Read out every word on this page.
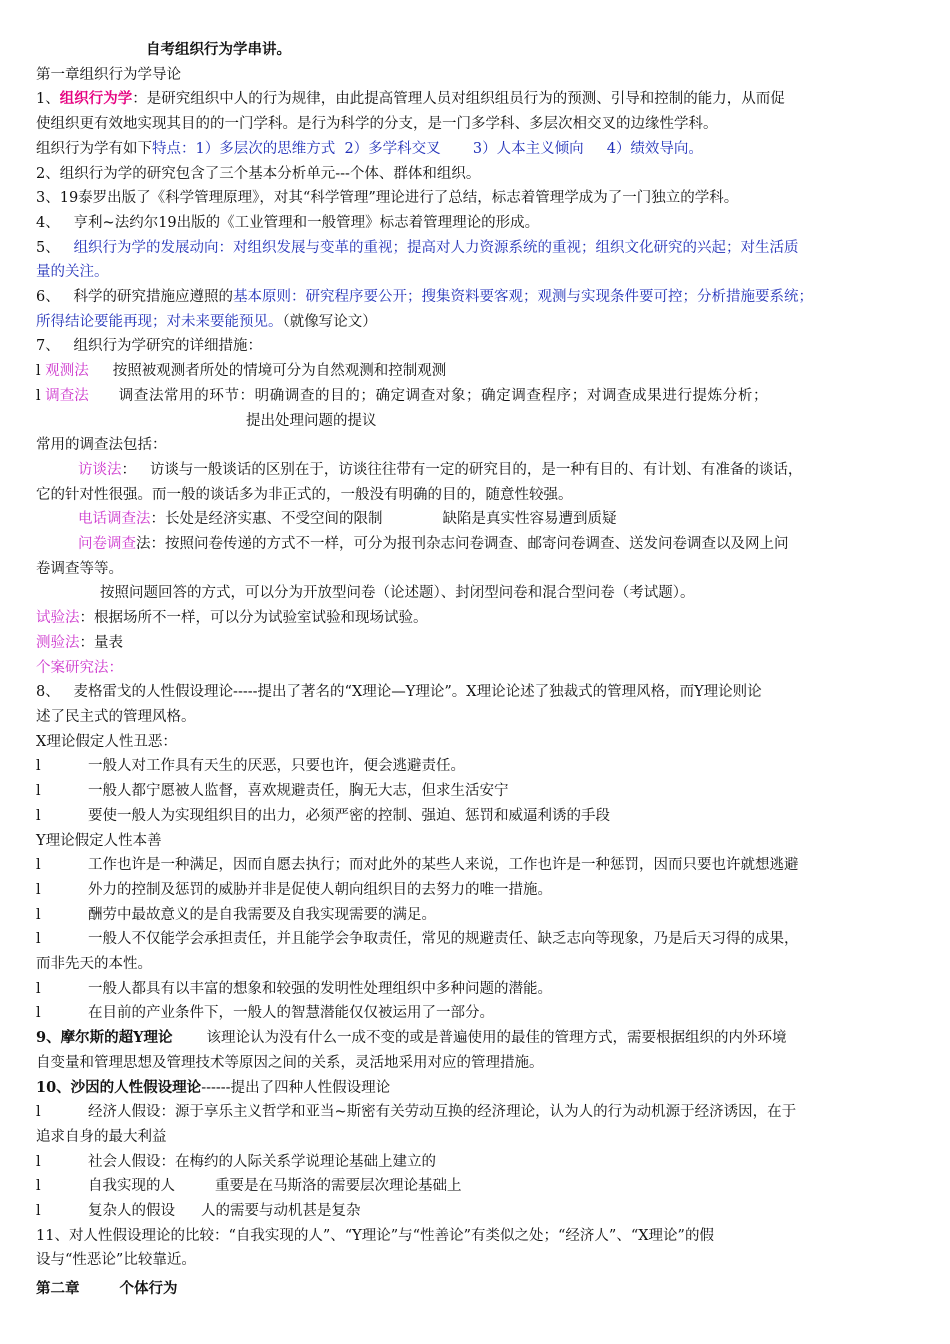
自考组织行为学串讲。
第一章组织行为学导论
1、组织行为学：是研究组织中人的行为规律，由此提高管理人员对组织组员行为的预测、引导和控制的能力，从而促
使组织更有效地实现其目的的一门学科。是行为科学的分支，是一门多学科、多层次相交叉的边缘性学科。
组织行为学有如下特点：1）多层次的思维方式  2）多学科交叉       3）人本主义倾向     4）绩效导向。
2、组织行为学的研究包含了三个基本分析单元---个体、群体和组织。
3、19泰罗出版了《科学管理原理》，对其“科学管理”理论进行了总结，标志着管理学成为了一门独立的学科。
4、   亨利~法约尔19出版的《工业管理和一般管理》标志着管理理论的形成。
5、   组织行为学的发展动向：对组织发展与变革的重视；提高对人力资源系统的重视；组织文化研究的兴起；对生活质
量的关注。
6、   科学的研究措施应遵照的基本原则：研究程序要公开；搜集资料要客观；观测与实现条件要可控；分析措施要系统；
所得结论要能再现；对未来要能预见。（就像写论文）
7、   组织行为学研究的详细措施：
l 观测法 按照被观测者所处的情境可分为自然观测和控制观测
l 调查法 调查法常用的环节：明确调查的目的；确定调查对象；确定调查程序；对调查成果进行提炼分析；
提出处理问题的提议
常用的调查法包括：
访谈法：   访谈与一般谈话的区别在于，访谈往往带有一定的研究目的，是一种有目的、有计划、有准备的谈话，
它的针对性很强。而一般的谈话多为非正式的，一般没有明确的目的，随意性较强。
电话调查法：长处是经济实惠、不受空间的限制	缺陷是真实性容易遭到质疑
问卷调查法：按照问卷传递的方式不一样，可分为报刊杂志问卷调查、邮寄问卷调查、送发问卷调查以及网上问
卷调查等等。
按照问题回答的方式，可以分为开放型问卷（论述题）、封闭型问卷和混合型问卷（考试题）。
试验法：根据场所不一样，可以分为试验室试验和现场试验。
测验法：量表
个案研究法：
8、   麦格雷戈的人性假设理论-----提出了著名的“X理论—Y理论”。X理论论述了独裁式的管理风格，而Y理论则论
述了民主式的管理风格。
X理论假定人性丑恶：
l	一般人对工作具有天生的厌恶，只要也许，便会逃避责任。
l	一般人都宁愿被人监督，喜欢规避责任，胸无大志，但求生活安宁
l	要使一般人为实现组织目的出力，必须严密的控制、强迫、惩罚和威逼利诱的手段
Y理论假定人性本善
l	工作也许是一种满足，因而自愿去执行；而对此外的某些人来说，工作也许是一种惩罚，因而只要也许就想逃避
l	外力的控制及惩罚的威胁并非是促使人朝向组织目的去努力的唯一措施。
l	酬劳中最故意义的是自我需要及自我实现需要的满足。
l	一般人不仅能学会承担责任，并且能学会争取责任，常见的规避责任、缺乏志向等现象，乃是后天习得的成果，
而非先天的本性。
l	一般人都具有以丰富的想象和较强的发明性处理组织中多种问题的潜能。
l	在目前的产业条件下，一般人的智慧潜能仅仅被运用了一部分。
9、摩尔斯的超Y理论 该理论认为没有什么一成不变的或是普遍使用的最佳的管理方式，需要根据组织的内外环境
自变量和管理思想及管理技术等原因之间的关系，灵活地采用对应的管理措施。
10、沙因的人性假设理论------提出了四种人性假设理论
l	经济人假设：源于享乐主义哲学和亚当~斯密有关劳动互换的经济理论，认为人的行为动机源于经济诱因，在于
追求自身的最大利益
l	社会人假设：在梅约的人际关系学说理论基础上建立的
l	自我实现的人	重要是在马斯洛的需要层次理论基础上
l	复杂人的假设 人的需要与动机甚是复杂
11、对人性假设理论的比较：“自我实现的人”、“Y理论”与“性善论”有类似之处；“经济人”、“X理论”的假
设与“性恶论”比较靠近。
第二章	个体行为
